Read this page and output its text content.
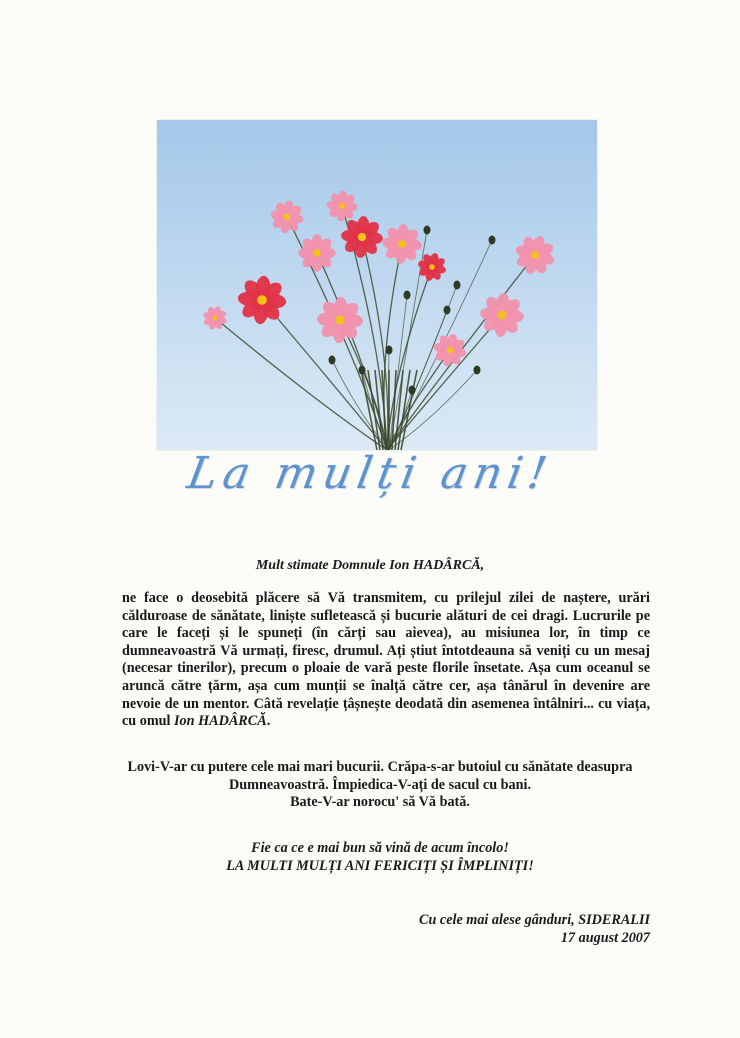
La mulți ani!
Mult stimate Domnule Ion HADÂRCĂ,
ne face o deosebită plăcere să Vă transmitem, cu prilejul zilei de naștere, urări călduroase de sănătate, liniște sufletească și bucurie alături de cei dragi. Lucrurile pe care le faceți și le spuneți (în cărți sau aievea), au misiunea lor, în timp ce dumneavoastră Vă urmați, firesc, drumul. Ați știut întotdeauna să veniți cu un mesaj (necesar tinerilor), precum o ploaie de vară peste florile însetate. Așa cum oceanul se aruncă către țărm, așa cum munții se înalță către cer, așa tânărul în devenire are nevoie de un mentor. Câtă revelație țâșnește deodată din asemenea întâlniri... cu viața, cu omul Ion HADÂRCĂ.
Lovi-V-ar cu putere cele mai mari bucurii. Crăpa-s-ar butoiul cu sănătate deasupra
Dumneavoastră. Împiedica-V-ați de sacul cu bani.
Bate-V-ar norocu' să Vă bată.
Fie ca ce e mai bun să vină de acum încolo!
LA MULTI MULȚI ANI FERICIȚI ȘI ÎMPLINIȚI!
Cu cele mai alese gânduri, SIDERALII
17 august 2007
